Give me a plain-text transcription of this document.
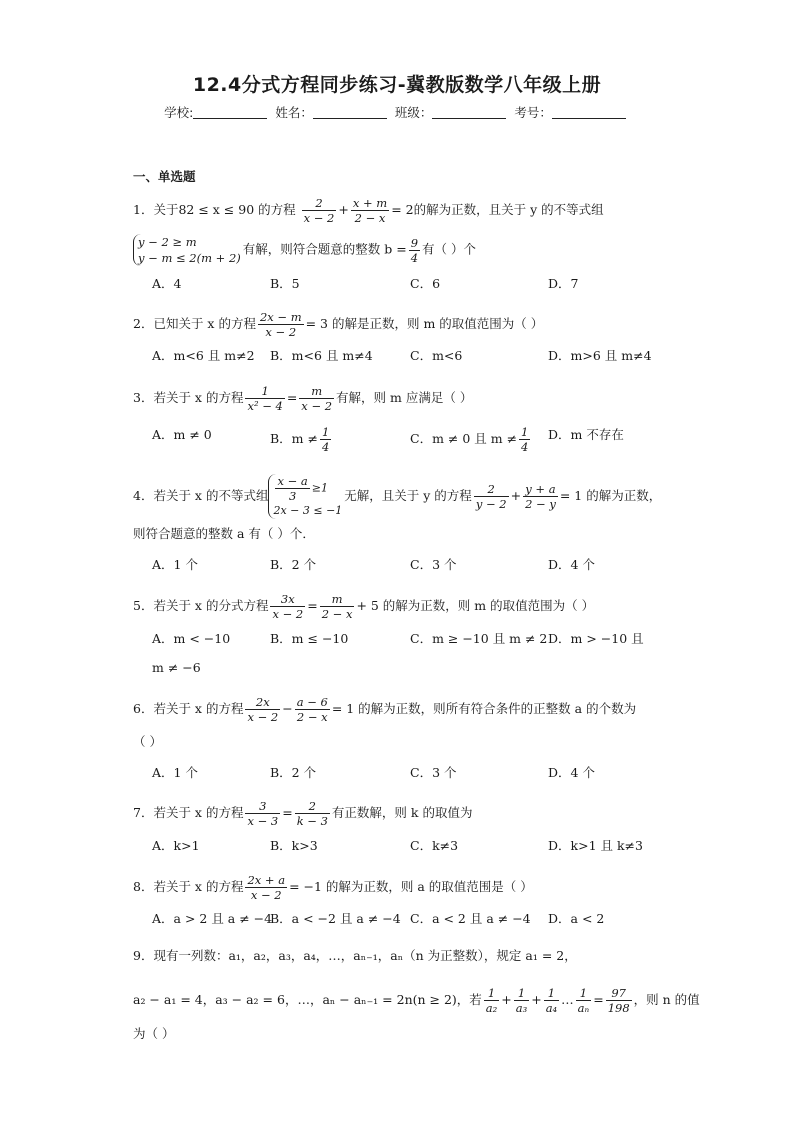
12.4分式方程同步练习-冀教版数学八年级上册
学校:	姓名：	班级：	考号：
一、单选题
1．关于82 ≤ x ≤ 90 的方程 $\frac{2}{x - 2} + \frac{x + m}{2 - x} = 2$的解为正数，且关于 y 的不等式组
y − 2 ≥ m
y − m ≤ 2(m + 2)
有解，则符合题意的整数 $b = \frac{9}{4}$ 有（ ）个
A．4	B．5	C．6	D．7
2．已知关于 x 的方程 $\frac{2x - m}{x - 2} = 3$ 的解是正数，则 m 的取值范围为（ ）
A．m<6 且 m≠2 B．m<6 且 m≠4	C．m<6	D．m>6 且 m≠4
3．若关于 x 的方程 $\frac{1}{\text{x² − 4}} = \frac{m}{x - 2}$ 有解，则 m 应满足（ ）
A．m ≠ 0	B．$m \ne \frac{1}{4}$	C．m ≠ 0 且 $m \ne \frac{1}{4}$ D．m 不存在
4．若关于 x 的不等式组 $\frac{x - a}{3} \ge 1$
2x − 3 ≤ −1
无解，且关于 y 的方程 $\frac{2}{y - 2} + \frac{y + a}{2 - y} = 1$ 的解为正数，
则符合题意的整数 a 有（ ）个．
A．1 个	B．2 个	C．3 个	D．4 个
5．若关于 x 的分式方程 $\frac{3x}{x - 2} = \frac{m}{2 - x} + 5$ 的解为正数，则 m 的取值范围为（ ）
A．m < −10	B．m ≤ −10	C．m ≥ −10 且 m ≠ 2 D．m > −10 且
m ≠ −6
6．若关于 x 的方程 $\frac{2x}{x - 2} - \frac{a - 6}{2 - x} = 1$ 的解为正数，则所有符合条件的正整数 a 的个数为
（ ）
A．1 个	B．2 个	C．3 个	D．4 个
7．若关于 x 的方程 $\frac{3}{x - 3} = \frac{2}{k - 3}$ 有正数解，则 k 的取值为
A．k>1	B．k>3	C．k≠3	D．k>1 且 k≠3
8．若关于 x 的方程 $\frac{2x + a}{x - 2} = -1$ 的解为正数，则 a 的取值范围是（ ）
A．a > 2 且 a ≠ −4
B．a < −2 且 a ≠ −4 C．a < 2 且 a ≠ −4 D．a < 2
9．现有一列数：a₁，a₂，a₃，a₄，…，aₙ₋₁，aₙ（n 为正整数），规定 a₁ = 2，
a₂ − a₁ = 4，a₃ − a₂ = 6，…，aₙ − aₙ₋₁ = 2n(n ≥ 2)，若 $\frac{1}{\text{a₂}} + \frac{1}{\text{a₃}} + \frac{1}{\text{a₄}}$ … $\frac{1}{\text{aₙ}} = \frac{97}{198}$ ，则 n 的值
为（ ）
